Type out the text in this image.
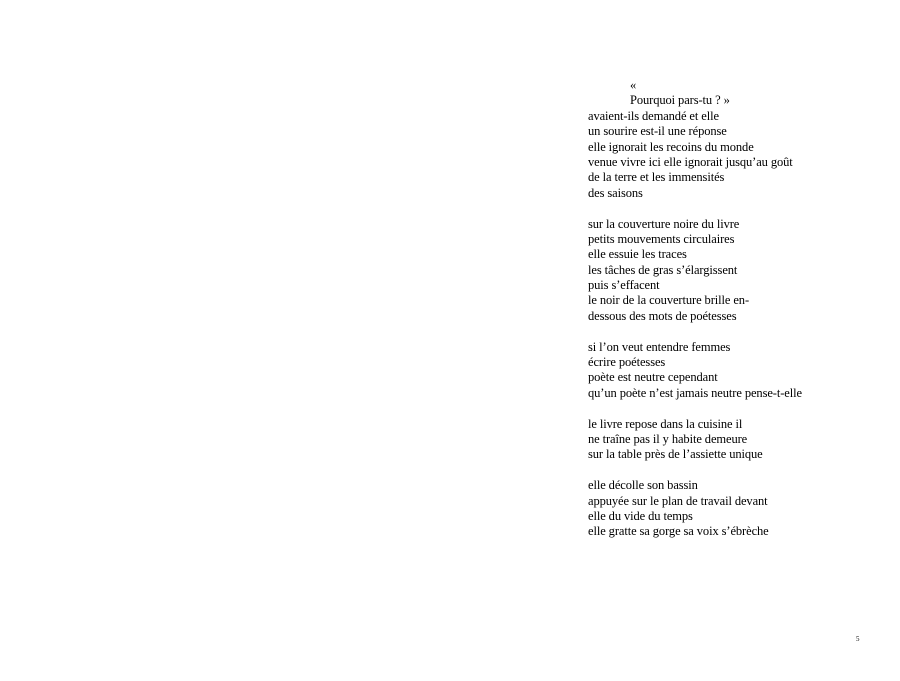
«
Pourquoi pars-tu ? »
avaient-ils demandé et elle
un sourire est-il une réponse
elle ignorait les recoins du monde
venue vivre ici elle ignorait jusqu’au goût
de la terre et les immensités
des saisons
sur la couverture noire du livre
petits mouvements circulaires
elle essuie les traces
les tâches de gras s’élargissent
puis s’effacent
le noir de la couverture brille en-
dessous des mots de poétesses
si l’on veut entendre femmes
écrire poétesses
poète est neutre cependant
qu’un poète n’est jamais neutre pense-t-elle
le livre repose dans la cuisine il
ne traîne pas il y habite demeure
sur la table près de l’assiette unique
elle décolle son bassin
appuyée sur le plan de travail devant
elle du vide du temps
elle gratte sa gorge sa voix s’ébrèche
5
